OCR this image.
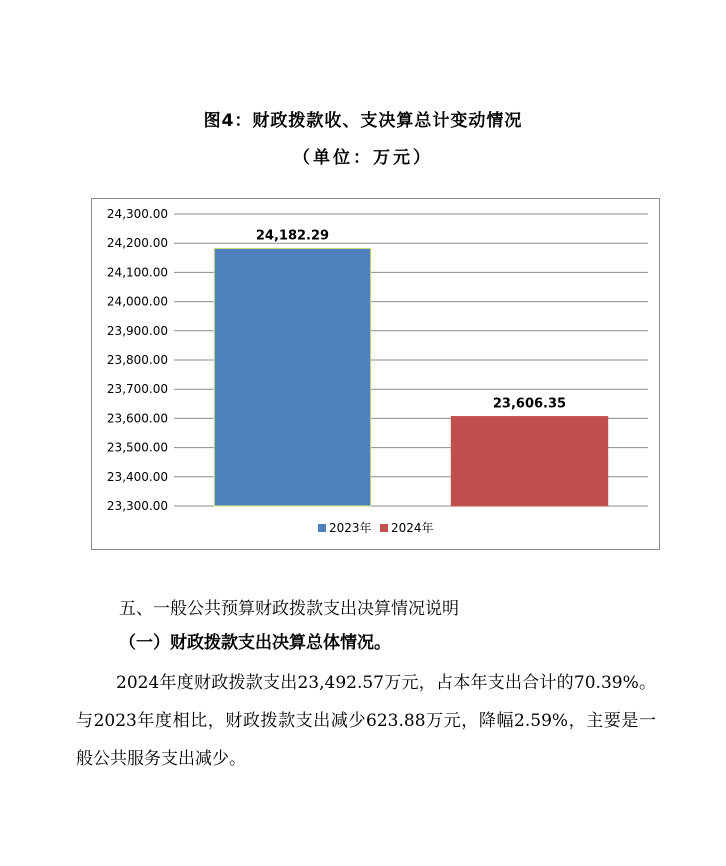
图4：财政拨款收、支决算总计变动情况
（单位：万元）
23,300.00
23,400.00
23,500.00
23,600.00
23,700.00
23,800.00
23,900.00
24,000.00
24,100.00
24,200.00
24,300.00
24,182.29
23,606.35
2023年 2024年
五、一般公共预算财政拨款支出决算情况说明
（一）财政拨款支出决算总体情况。
2024年度财政拨款支出23,492.57万元，占本年支出合计的70.39%。与2023年度相比，财政拨款支出减少623.88万元，降幅2.59%，主要是一般公共服务支出减少。
